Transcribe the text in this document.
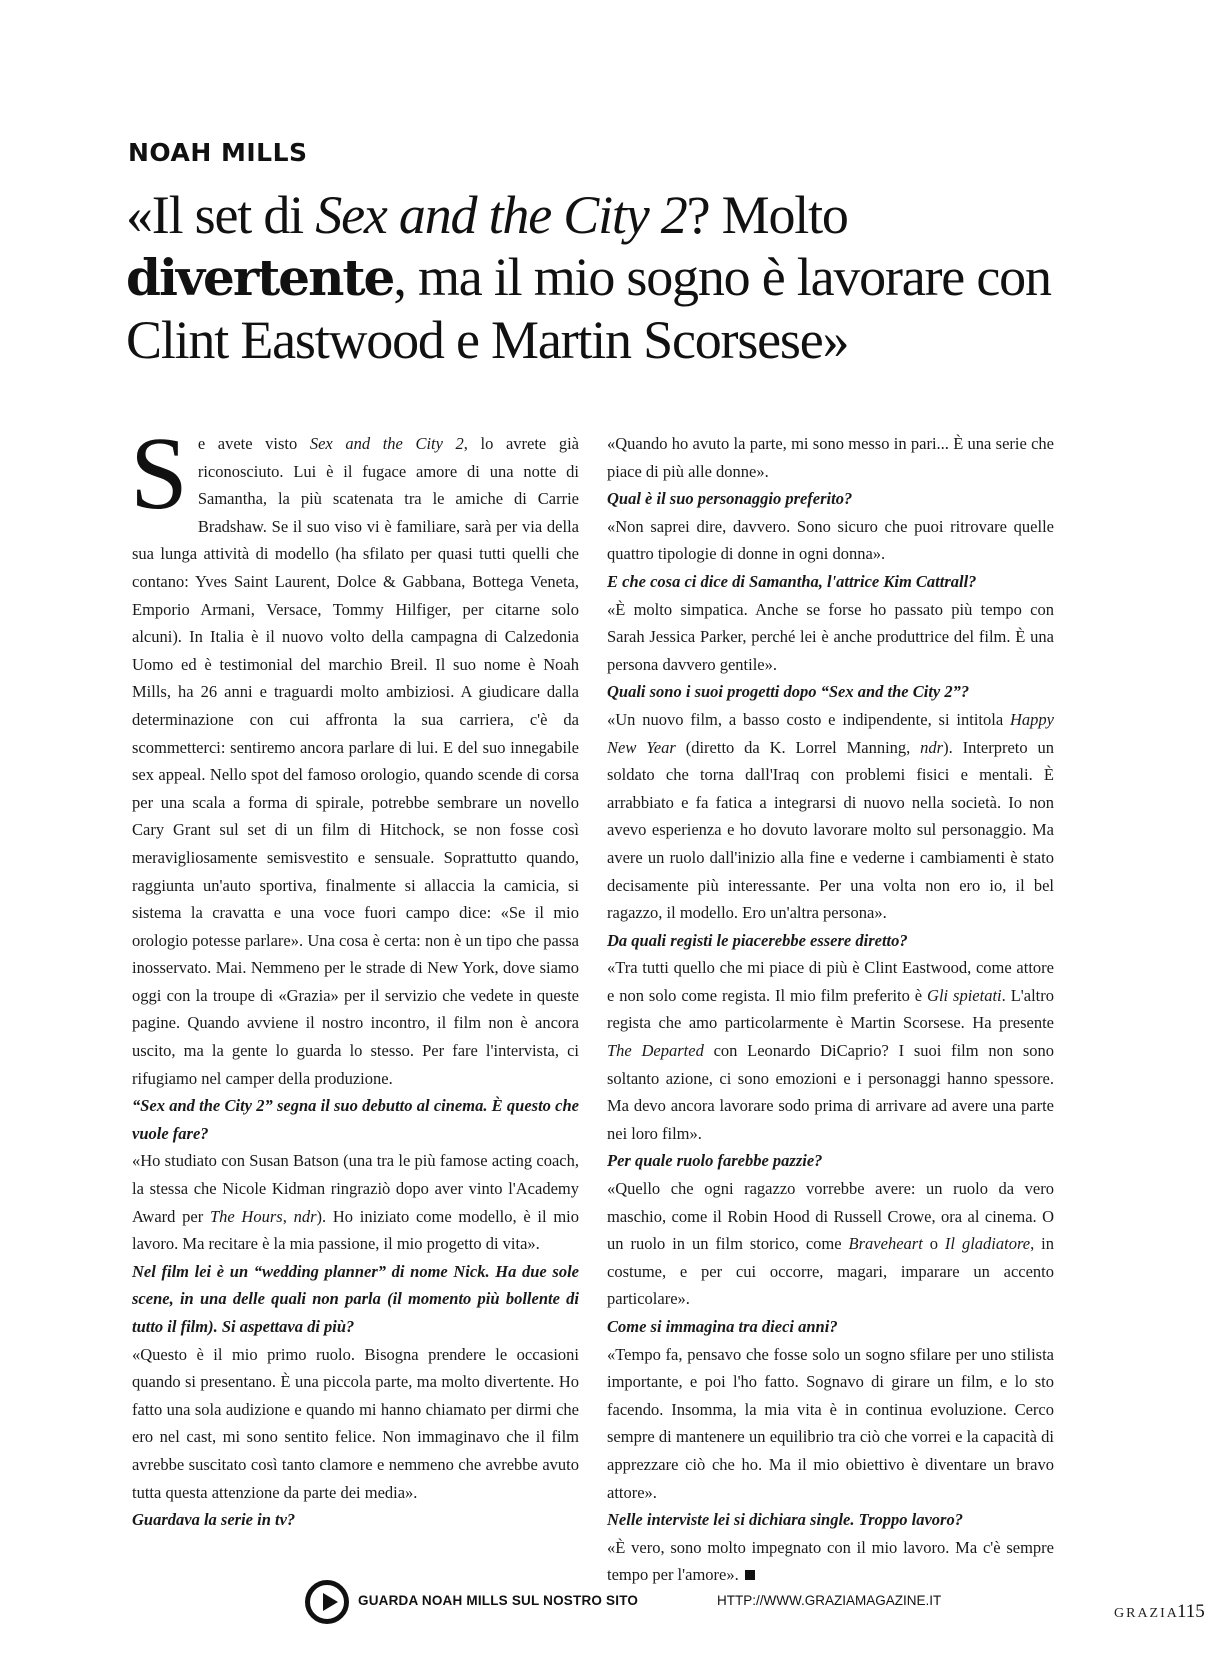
NOAH MILLS
«Il set di Sex and the City 2? Molto divertente, ma il mio sogno è lavorare con Clint Eastwood e Martin Scorsese»

Se avete visto Sex and the City 2, lo avrete già riconosciuto. Lui è il fugace amore di una notte di Samantha, la più scatenata tra le amiche di Carrie Bradshaw. Se il suo viso vi è familiare, sarà per via della sua lunga attività di modello (ha sfilato per quasi tutti quelli che contano: Yves Saint Laurent, Dolce & Gabbana, Bottega Veneta, Emporio Armani, Versace, Tommy Hilfiger, per citarne solo alcuni). In Italia è il nuovo volto della campagna di Calzedonia Uomo ed è testimonial del marchio Breil. Il suo nome è Noah Mills, ha 26 anni e traguardi molto ambiziosi. A giudicare dalla determinazione con cui affronta la sua carriera, c'è da scommetterci: sentiremo ancora parlare di lui. E del suo innegabile sex appeal. Nello spot del famoso orologio, quando scende di corsa per una scala a forma di spirale, potrebbe sembrare un novello Cary Grant sul set di un film di Hitchock, se non fosse così meravigliosamente semisvestito e sensuale. Soprattutto quando, raggiunta un'auto sportiva, finalmente si allaccia la camicia, si sistema la cravatta e una voce fuori campo dice: «Se il mio orologio potesse parlare». Una cosa è certa: non è un tipo che passa inosservato. Mai. Nemmeno per le strade di New York, dove siamo oggi con la troupe di «Grazia» per il servizio che vedete in queste pagine. Quando avviene il nostro incontro, il film non è ancora uscito, ma la gente lo guarda lo stesso. Per fare l'intervista, ci rifugiamo nel camper della produzione.

“Sex and the City 2” segna il suo debutto al cinema. È questo che vuole fare?

«Ho studiato con Susan Batson (una tra le più famose acting coach, la stessa che Nicole Kidman ringraziò dopo aver vinto l'Academy Award per The Hours, ndr). Ho iniziato come modello, è il mio lavoro. Ma recitare è la mia passione, il mio progetto di vita».

Nel film lei è un “wedding planner” di nome Nick. Ha due sole scene, in una delle quali non parla (il momento più bollente di tutto il film). Si aspettava di più?

«Questo è il mio primo ruolo. Bisogna prendere le occasioni quando si presentano. È una piccola parte, ma molto divertente. Ho fatto una sola audizione e quando mi hanno chiamato per dirmi che ero nel cast, mi sono sentito felice. Non immaginavo che il film avrebbe suscitato così tanto clamore e nemmeno che avrebbe avuto tutta questa attenzione da parte dei media».

Guardava la serie in tv?

«Quando ho avuto la parte, mi sono messo in pari... È una serie che piace di più alle donne».

Qual è il suo personaggio preferito?

«Non saprei dire, davvero. Sono sicuro che puoi ritrovare quelle quattro tipologie di donne in ogni donna».

E che cosa ci dice di Samantha, l'attrice Kim Cattrall?

«È molto simpatica. Anche se forse ho passato più tempo con Sarah Jessica Parker, perché lei è anche produttrice del film. È una persona davvero gentile».

Quali sono i suoi progetti dopo “Sex and the City 2”?

«Un nuovo film, a basso costo e indipendente, si intitola Happy New Year (diretto da K. Lorrel Manning, ndr). Interpreto un soldato che torna dall'Iraq con problemi fisici e mentali. È arrabbiato e fa fatica a integrarsi di nuovo nella società. Io non avevo esperienza e ho dovuto lavorare molto sul personaggio. Ma avere un ruolo dall'inizio alla fine e vederne i cambiamenti è stato decisamente più interessante. Per una volta non ero io, il bel ragazzo, il modello. Ero un'altra persona».

Da quali registi le piacerebbe essere diretto?

«Tra tutti quello che mi piace di più è Clint Eastwood, come attore e non solo come regista. Il mio film preferito è Gli spietati. L'altro regista che amo particolarmente è Martin Scorsese. Ha presente The Departed con Leonardo DiCaprio? I suoi film non sono soltanto azione, ci sono emozioni e i personaggi hanno spessore. Ma devo ancora lavorare sodo prima di arrivare ad avere una parte nei loro film».

Per quale ruolo farebbe pazzie?

«Quello che ogni ragazzo vorrebbe avere: un ruolo da vero maschio, come il Robin Hood di Russell Crowe, ora al cinema. O un ruolo in un film storico, come Braveheart o Il gladiatore, in costume, e per cui occorre, magari, imparare un accento particolare».

Come si immagina tra dieci anni?

«Tempo fa, pensavo che fosse solo un sogno sfilare per uno stilista importante, e poi l'ho fatto. Sognavo di girare un film, e lo sto facendo. Insomma, la mia vita è in continua evoluzione. Cerco sempre di mantenere un equilibrio tra ciò che vorrei e la capacità di apprezzare ciò che ho. Ma il mio obiettivo è diventare un bravo attore».

Nelle interviste lei si dichiara single. Troppo lavoro?

«È vero, sono molto impegnato con il mio lavoro. Ma c'è sempre tempo per l'amore».

GUARDA NOAH MILLS SUL NOSTRO SITO	HTTP://WWW.GRAZIAMAGAZINE.IT
GRAZIA
115
